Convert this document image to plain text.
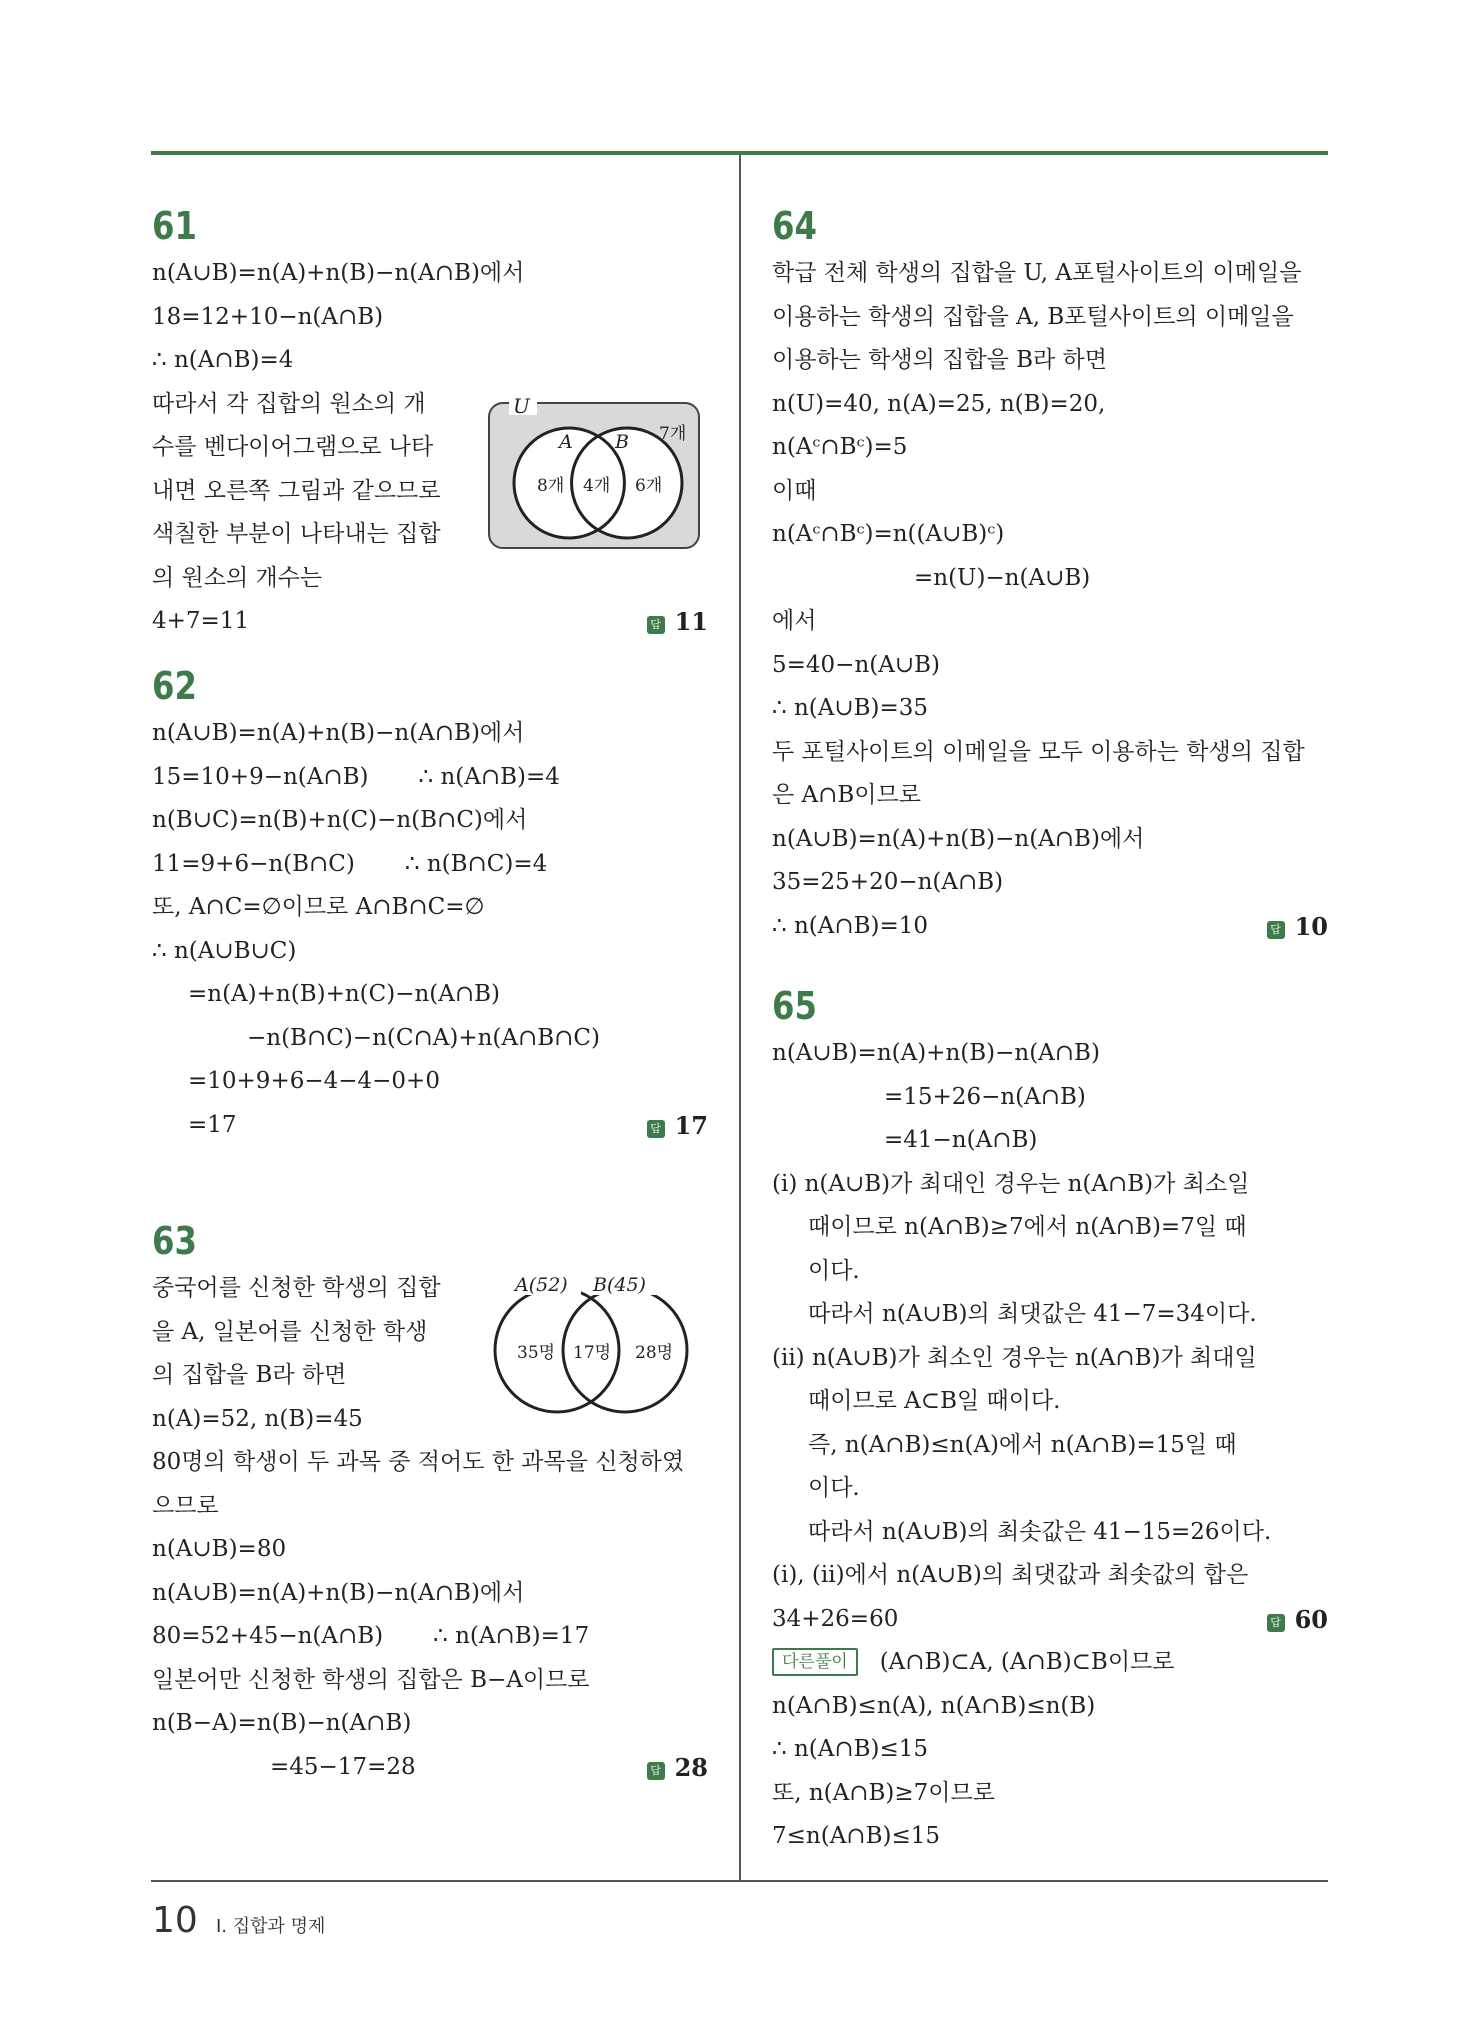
61
n(A∪B)=n(A)+n(B)−n(A∩B)에서
18=12+10−n(A∩B)
∴ n(A∩B)=4
따라서 각 집합의 원소의 개
수를 벤다이어그램으로 나타
내면 오른쪽 그림과 같으므로
색칠한 부분이 나타내는 집합
의 원소의 개수는
4+7=11	답 11
U
A B 7개
8개 4개 6개
62
n(A∪B)=n(A)+n(B)−n(A∩B)에서
15=10+9−n(A∩B) ∴ n(A∩B)=4
n(B∪C)=n(B)+n(C)−n(B∩C)에서
11=9+6−n(B∩C) ∴ n(B∩C)=4
또, A∩C=∅이므로 A∩B∩C=∅
∴ n(A∪B∪C)
=n(A)+n(B)+n(C)−n(A∩B)
−n(B∩C)−n(C∩A)+n(A∩B∩C)
=10+9+6−4−4−0+0
=17	답 17
63
중국어를 신청한 학생의 집합
을 A, 일본어를 신청한 학생
의 집합을 B라 하면
n(A)=52, n(B)=45
80명의 학생이 두 과목 중 적어도 한 과목을 신청하였
으므로
n(A∪B)=80
n(A∪B)=n(A)+n(B)−n(A∩B)에서
80=52+45−n(A∩B) ∴ n(A∩B)=17
일본어만 신청한 학생의 집합은 B−A이므로
n(B−A)=n(B)−n(A∩B)
=45−17=28	답 28
A(52) B(45)
35명 17명 28명
64
학급 전체 학생의 집합을 U, A포털사이트의 이메일을
이용하는 학생의 집합을 A, B포털사이트의 이메일을
이용하는 학생의 집합을 B라 하면
n(U)=40, n(A)=25, n(B)=20,
n(Aᶜ∩Bᶜ)=5
이때
n(Aᶜ∩Bᶜ)=n((A∪B)ᶜ)
=n(U)−n(A∪B)
에서
5=40−n(A∪B)
∴ n(A∪B)=35
두 포털사이트의 이메일을 모두 이용하는 학생의 집합
은 A∩B이므로
n(A∪B)=n(A)+n(B)−n(A∩B)에서
35=25+20−n(A∩B)
∴ n(A∩B)=10	답 10
65
n(A∪B)=n(A)+n(B)−n(A∩B)
=15+26−n(A∩B)
=41−n(A∩B)
(i) n(A∪B)가 최대인 경우는 n(A∩B)가 최소일
때이므로 n(A∩B)≥7에서 n(A∩B)=7일 때
이다.
따라서 n(A∪B)의 최댓값은 41−7=34이다.
(ii) n(A∪B)가 최소인 경우는 n(A∩B)가 최대일
때이므로 A⊂B일 때이다.
즉, n(A∩B)≤n(A)에서 n(A∩B)=15일 때
이다.
따라서 n(A∪B)의 최솟값은 41−15=26이다.
(i), (ii)에서 n(A∪B)의 최댓값과 최솟값의 합은
34+26=60	답 60
다른풀이 (A∩B)⊂A, (A∩B)⊂B이므로
n(A∩B)≤n(A), n(A∩B)≤n(B)
∴ n(A∩B)≤15
또, n(A∩B)≥7이므로
7≤n(A∩B)≤15
10 Ⅰ. 집합과 명제
